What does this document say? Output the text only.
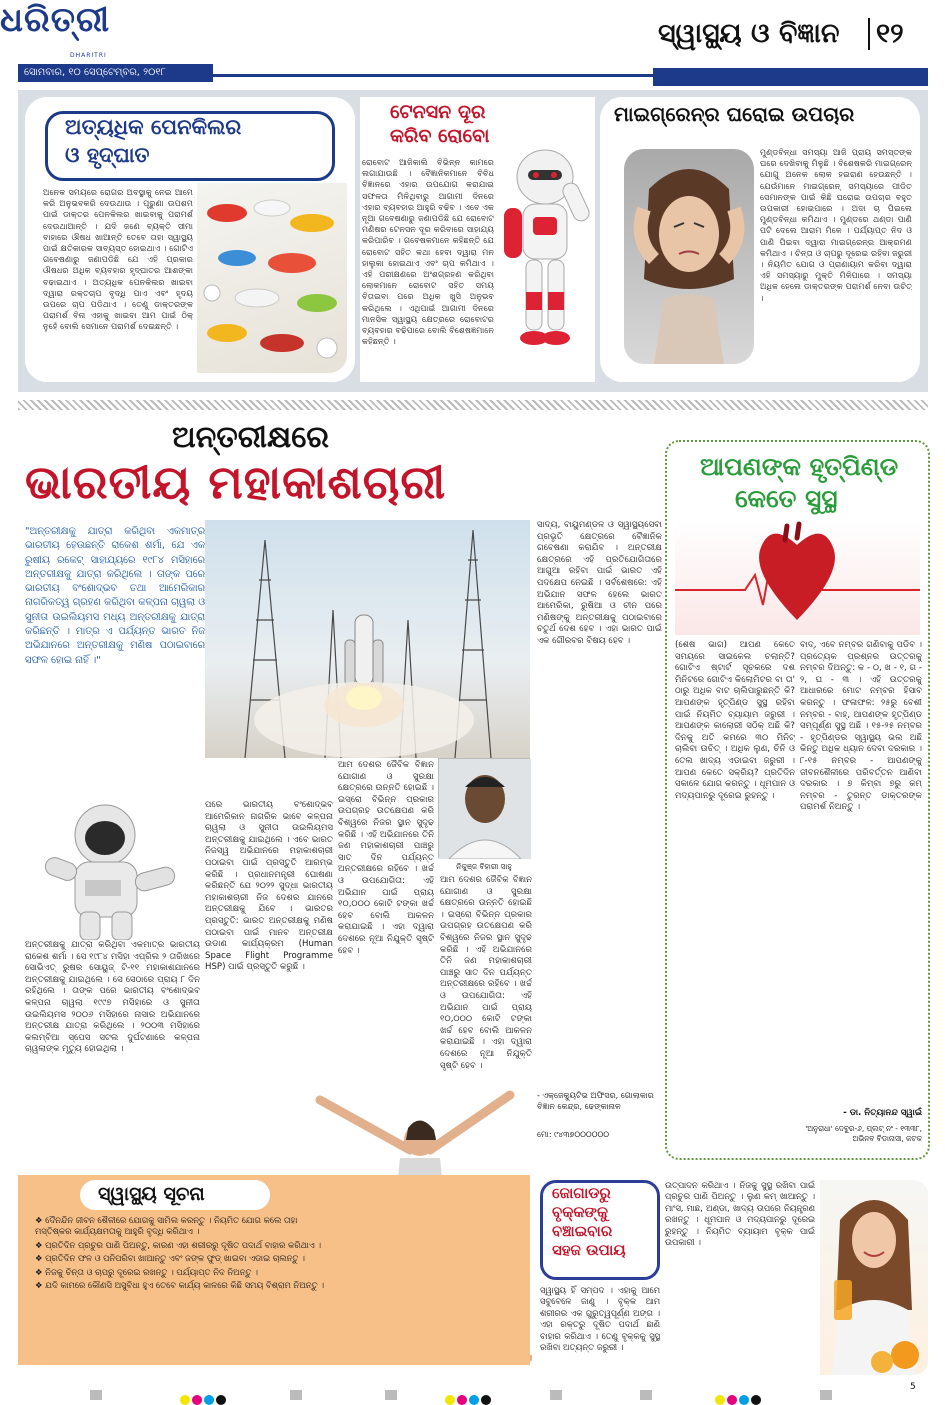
ଧରିତ୍ରୀ
DHARITRI
ସୋମବାର, ୧୦ ସେପ୍ଟେମ୍ବର, ୨୦୧୮
ସ୍ୱାସ୍ଥ୍ୟ ଓ ବିଜ୍ଞାନ ୧୨
ଅତ୍ୟଧିକ ପେନକିଲର
ଓ ହୃଦ୍‌ଘାତ
ଅନେକ ସମୟରେ ରୋଗର ଅବସ୍ଥାକୁ ନେଇ ଆମେ କରି ଅନୁଭବକରି ଦେଉଥାଉ । ପୂରୁଣା ଉପଶମ ପାଇଁ ଡାକ୍ତର ପେନକିଲର ଖାଇବାକୁ ପରାମର୍ଶ ଦେଉଥାଆନ୍ତି । ଯଦି ଜଣେ ବ୍ୟକ୍ତି ସୀମା ବାହାରେ ଔଷଧ ଖାଆନ୍ତି ତେବେ ତାହା ସ୍ୱାସ୍ଥ୍ୟ ପାଇଁ କ୍ଷତିକାରକ ସାବ୍ୟସ୍ତ ହୋଇଥାଏ । ଗୋଟିଏ ଗବେଷଣାରୁ ଜଣାପଡିଛି ଯେ ଏହି ପ୍ରକାର ଔଷଧର ଅଧିକ ବ୍ୟବହାର ହୃଦ୍‌ଘାତର ଆଶଙ୍କା ବଢାଇଥାଏ । ଅତ୍ୟଧିକ ପେନକିଲର ଖାଇବା ଦ୍ୱାରା ରକ୍ତଚାପ ବୃଦ୍ଧି ପାଏ ଏବଂ ହୃଦୟ ଉପରେ ଚାପ ପଡିଥାଏ । ତେଣୁ ଡାକ୍ତରଙ୍କ ପରାମର୍ଶ ବିନା ଏହାକୁ ଖାଇବା ଆମ ପାଇଁ ଠିକ୍ ନୁହେଁ ବୋଲି ସେମାନେ ପରାମର୍ଶ ଦେଇଛନ୍ତି ।
ଟେନସନ ଦୂର
କରିବ ରୋବୋ
ରୋବୋଟ ଆଜିକାଲି ବିଭିନ୍ନ କାମରେ ଲଗାଯାଉଛି । ବୈଜ୍ଞାନିକମାନେ ବିବିଧ ବିଜ୍ଞାନରେ ଏହାର ଉପଯୋଗ କରାଯାଇ ସଫଳତା ମିଳିଥିବାରୁ ଆଗାମୀ ଦିନରେ ଏହାର ବ୍ୟବହାର ଆହୁରି ବଢିବ । ଏବେ ଏକ ନୂଆ ଗବେଷଣାରୁ ଜଣାପଡିଛି ଯେ ରୋବୋଟ ମଣିଷର ଟେନସନ ଦୂର କରିବାରେ ସାହାଯ୍ୟ କରିପାରିବ । ଗବେଷକମାନେ କହିଛନ୍ତି ଯେ ରୋବୋଟ ସହିତ କଥା ହେବା ଦ୍ୱାରା ମନ ହାଲୁକା ହୋଇଥାଏ ଏବଂ ଚାପ କମିଥାଏ । ଏହି ପରୀକ୍ଷଣରେ ଅଂଶଗ୍ରହଣ କରିଥିବା ଲୋକମାନେ ରୋବୋଟ ସହିତ ସମୟ ବିତାଇବା ପରେ ଅଧିକ ଖୁସି ଅନୁଭବ କରିଥିଲେ । ଏଥିପାଇଁ ଆଗାମୀ ଦିନରେ ମାନସିକ ସ୍ୱାସ୍ଥ୍ୟ କ୍ଷେତ୍ରରେ ରୋବୋଟର ବ୍ୟବହାର ବଢିପାରେ ବୋଲି ବିଶେଷଜ୍ଞମାନେ କହିଛନ୍ତି ।
ମାଇଗ୍ରେନ୍‌ର ଘରୋଇ ଉପଚାର
ମୁଣ୍ଡବିନ୍ଧା ସମସ୍ୟା ଆଜି ପ୍ରାୟ ସମସ୍ତଙ୍କ ଘରେ ଦେଖିବାକୁ ମିଳୁଛି । ବିଶେଷକରି ମାଇଗ୍ରେନ୍ ଯୋଗୁ ଅନେକ ଲୋକ ହଇରାଣ ହେଉଛନ୍ତି । ଯେଉଁମାନେ ମାଇଗ୍ରେନ୍ ସମସ୍ୟାରେ ପୀଡିତ ସେମାନଙ୍କ ପାଇଁ କିଛି ଘରୋଇ ଉପଚାର ବହୁତ ଉପକାରୀ ହୋଇପାରେ । ଅଦା ଚା ପିଇଲେ ମୁଣ୍ଡବିନ୍ଧା କମିଥାଏ । ମୁଣ୍ଡରେ ଥଣ୍ଡା ପାଣି ପଟି ଦେଲେ ଆରାମ ମିଳେ । ପର୍ଯ୍ୟାପ୍ତ ନିଦ ଓ ପାଣି ପିଇବା ଦ୍ୱାରା ମାଇଗ୍ରେନ୍‌ର ଆକ୍ରମଣ କମିଥାଏ । ଚିନ୍ତା ଓ ଚାପରୁ ଦୂରେଇ ରହିବା ଜରୁରୀ । ନିୟମିତ ଯୋଗ ଓ ପ୍ରାଣାୟାମ କରିବା ଦ୍ୱାରା ଏହି ସମସ୍ୟାରୁ ମୁକ୍ତି ମିଳିପାରେ । ସମସ୍ୟା ଅଧିକ ହେଲେ ଡାକ୍ତରଙ୍କ ପରାମର୍ଶ ନେବା ଉଚିତ୍ ।
ଅନ୍ତରୀକ୍ଷରେ
ଭାରତୀୟ ମହାକାଶଚାରୀ
"ଅନ୍ତରୀକ୍ଷକୁ ଯାତ୍ରା କରିଥିବା ଏକମାତ୍ର ଭାରତୀୟ ହେଉଛନ୍ତି ରାକେଶ ଶର୍ମା, ଯେ ଏକ ରୁଷୀୟ ରକେଟ୍ ସାହାଯ୍ୟରେ ୧୯୮୪ ମସିହାରେ ଅନ୍ତରୀକ୍ଷକୁ ଯାତ୍ରା କରିଥିଲେ । ତାଙ୍କ ପରେ ଭାରତୀୟ ବଂଶୋଦ୍ଭବ ତଥା ଆମେରିକାର ନାଗରିକତ୍ୱ ଗ୍ରହଣ କରିଥିବା କଳ୍ପନା ଚାୱଲା ଓ ସୁନୀତା ଉଇଲିୟମସ ମଧ୍ୟ ଅନ୍ତରୀକ୍ଷକୁ ଯାତ୍ରା କରିଛନ୍ତି । ମାତ୍ର ଏ ପର୍ଯ୍ୟନ୍ତ ଭାରତ ନିଜ ଅଭିଯାନରେ ଅନ୍ତରୀକ୍ଷକୁ ମଣିଷ ପଠାଇବାରେ ସଫଳ ହୋଇ ନାହିଁ ।"
ନିକୁଞ୍ଜ ବିହାରୀ ସାହୁ
ପରେ ଭାରତୀୟ ବଂଶୋଦ୍ଭବ ଆମେରିକାନ ନାଗରିକ ଭାବେ କଳ୍ପନା ଚାୱଲା ଓ ସୁନୀତା ଉଇଲିୟମସ ଅନ୍ତରୀକ୍ଷକୁ ଯାଇଥିଲେ । ଏବେ ଭାରତ ନିଜସ୍ୱ ଅଭିଯାନରେ ମହାକାଶଚାରୀ ପଠାଇବା ପାଇଁ ପ୍ରସ୍ତୁତି ଆରମ୍ଭ କରିଛି । ପ୍ରଧାନମନ୍ତ୍ରୀ ଘୋଷଣା କରିଛନ୍ତି ଯେ ୨୦୨୨ ସୁଦ୍ଧା ଭାରତୀୟ ମହାକାଶଚାରୀ ନିଜ ଦେଶର ଯାନରେ ଅନ୍ତରୀକ୍ଷକୁ ଯିବେ । ଭାରତର ପ୍ରସ୍ତୁତି: ଭାରତ ଅନ୍ତରୀକ୍ଷକୁ ମଣିଷ ପଠାଇବା ପାଇଁ ମାନବ ଅନ୍ତରୀକ୍ଷ ଉଡାଣ କାର୍ଯ୍ୟକ୍ରମ (Human Space Flight Programme HSP) ପାଇଁ ପ୍ରସ୍ତୁତି କରୁଛି ।
ଅନ୍ତରୀକ୍ଷକୁ ଯାତ୍ରା କରିଥିବା ଏକମାତ୍ର ଭାରତୀୟ ରାକେଶ ଶର୍ମା । ସେ ୧୯୮୪ ମସିହା ଏପ୍ରିଲ ୨ ତାରିଖରେ ସୋଭିଏତ୍ ରୁଷର ସୋୟୁଜ୍ ଟି-୧୧ ମହାକାଶଯାନରେ ଅନ୍ତରୀକ୍ଷକୁ ଯାଇଥିଲେ । ସେ ସେଠାରେ ପ୍ରାୟ ୮ ଦିନ ରହିଥିଲେ । ତାଙ୍କ ପରେ ଭାରତୀୟ ବଂଶୋଦ୍ଭବ କଳ୍ପନା ଚାୱଲା ୧୯୯୭ ମସିହାରେ ଓ ସୁନୀତା ଉଇଲିୟମସ ୨୦୦୬ ମସିହାରେ ନାସାର ଅଭିଯାନରେ ଅନ୍ତରୀକ୍ଷ ଯାତ୍ରା କରିଥିଲେ । ୨୦୦୩ ମସିହାରେ କଲମ୍ବିଆ ସ୍ପେସ ସଟଲ ଦୁର୍ଘଟଣାରେ କଳ୍ପନା ଚାୱଲାଙ୍କ ମୃତ୍ୟୁ ହୋଇଥିଲା ।
ଆମ ଦେଶର ଜୈବିକ ବିଜ୍ଞାନ ଯୋଗାଣ ଓ ସୁରକ୍ଷା କ୍ଷେତ୍ରରେ ଉନ୍ନତି ହୋଇଛି । ଇସ୍ରୋ ବିଭିନ୍ନ ପ୍ରକାର ଉପଗ୍ରହ ଉତକ୍ଷେପଣ କରି ବିଶ୍ୱରେ ନିଜର ସ୍ଥାନ ସୁଦୃଢ କରିଛି । ଏହି ଅଭିଯାନରେ ତିନି ଜଣ ମହାକାଶଚାରୀ ପାଞ୍ଚରୁ ସାତ ଦିନ ପର୍ଯ୍ୟନ୍ତ ଅନ୍ତରୀକ୍ଷରେ ରହିବେ । ଖର୍ଚ୍ଚ ଓ ଉପଯୋଗିତା: ଏହି ଅଭିଯାନ ପାଇଁ ପ୍ରାୟ ୧୦,୦୦୦ କୋଟି ଟଙ୍କା ଖର୍ଚ୍ଚ ହେବ ବୋଲି ଆକଳନ କରାଯାଇଛି । ଏହା ଦ୍ୱାରା ଦେଶରେ ନୂଆ ନିଯୁକ୍ତି ସୃଷ୍ଟି ହେବ ।
ଆମ ଦେଶର ଜୈବିକ ବିଜ୍ଞାନ ଯୋଗାଣ ଓ ସୁରକ୍ଷା କ୍ଷେତ୍ରରେ ଉନ୍ନତି ହୋଇଛି । ଇସ୍ରୋ ବିଭିନ୍ନ ପ୍ରକାର ଉପଗ୍ରହ ଉତକ୍ଷେପଣ କରି ବିଶ୍ୱରେ ନିଜର ସ୍ଥାନ ସୁଦୃଢ କରିଛି । ଏହି ଅଭିଯାନରେ ତିନି ଜଣ ମହାକାଶଚାରୀ ପାଞ୍ଚରୁ ସାତ ଦିନ ପର୍ଯ୍ୟନ୍ତ ଅନ୍ତରୀକ୍ଷରେ ରହିବେ । ଖର୍ଚ୍ଚ ଓ ଉପଯୋଗିତା: ଏହି ଅଭିଯାନ ପାଇଁ ପ୍ରାୟ ୧୦,୦୦୦ କୋଟି ଟଙ୍କା ଖର୍ଚ୍ଚ ହେବ ବୋଲି ଆକଳନ କରାଯାଇଛି । ଏହା ଦ୍ୱାରା ଦେଶରେ ନୂଆ ନିଯୁକ୍ତି ସୃଷ୍ଟି ହେବ ।
ସାଦ୍ୟ, ବାୟୁମଣ୍ଡଳ ଓ ସ୍ୱାସ୍ଥ୍ୟସେବା ପ୍ରଭୃତି କ୍ଷେତ୍ରରେ ବୈଜ୍ଞାନିକ ଗବେଷଣା କରାଯିବ । ଅନ୍ତରୀକ୍ଷ କ୍ଷେତ୍ରରେ ଏହି ପ୍ରତିଯୋଗିତାରେ ଆଗୁଆ ରହିବା ପାଇଁ ଭାରତ ଏହି ପଦକ୍ଷେପ ନେଇଛି । ସର୍ବଶେଷରେ: ଏହି ଅଭିଯାନ ସଫଳ ହେଲେ ଭାରତ ଆମେରିକା, ରୁଷିଆ ଓ ଚୀନ ପରେ ମଣିଷଙ୍କୁ ଅନ୍ତରୀକ୍ଷକୁ ପଠାଇବାରେ ଚତୁର୍ଥ ଦେଶ ହେବ । ଏହା ଭାରତ ପାଇଁ ଏକ ଗୌରବର ବିଷୟ ହେବ ।
- ଏକ୍‌ଜେକ୍ୟୁଟିଭ ଅଫିସର, ଗୋଲାକାର ବିଜ୍ଞାନ କେନ୍ଦ୍ର, ଢେଙ୍କାନାଳ
ମୋ: ୯୪୩୭୦୦୦୦୦୦
ଆପଣଙ୍କ ହୃତ୍‌ପିଣ୍ଡ
କେତେ ସୁସ୍ଥ
(ଶେଷ ଭାଗ) ଆପଣ କେତେ ସମୟରେ ସାଇକେଲ ଚଲାନ୍ତି? ଗୋଟିଏ ଷ୍ଟାର୍ଟ ସୂଚକରେ ଦଶ ମିନିଟରେ ଗୋଟିଏ କିଲୋମିଟର ବା ତା' ଠାରୁ ଅଧିକ ବାଟ ଚାଲିପାରୁଛନ୍ତି କି? ଆପଣଙ୍କ ହୃତ୍‌ପିଣ୍ଡ ସୁସ୍ଥ ରହିବା ପାଇଁ ନିୟମିତ ବ୍ୟାୟାମ ଜରୁରୀ । ଆପଣଙ୍କ କାଲୋରୀ ସଠିକ୍ ଅଛି କି? ଦିନକୁ ଅତି କମରେ ୩୦ ମିନିଟ୍ ଚାଲିବା ଉଚିତ୍ । ଅଧିକ ଲୁଣ, ଚିନି ଓ ତେଲ ଖାଦ୍ୟ ଏଡାଇବା ଜରୁରୀ । ଆପଣ କେତେ ସକ୍ରିୟ? ପ୍ରତିଦିନ ସକାଳେ ଯୋଗ କରନ୍ତୁ । ଧୂମପାନ ଓ ମଦ୍ୟପାନରୁ ଦୂରେଇ ରୁହନ୍ତୁ ।
ବାଦ୍, ଏବେ ନମ୍ବର ଗଣିବାକୁ ପଡିବ । ପ୍ରତ୍ୟେକ ପ୍ରଶ୍ନର ଉତ୍ତରକୁ ନମ୍ବର ଦିଅନ୍ତୁ: କ - ୦, ଖ - ୧, ଗ - ୨, ଘ - ୩ । ଏହି ଉତ୍ତରକୁ ଆଧାରରେ ମୋଟ ନମ୍ବର ହିସାବ କରନ୍ତୁ । ଫଳାଫଳ: ୨୫ରୁ ବେଶୀ ନମ୍ବର - ବାହ୍, ଆପଣଙ୍କ ହୃତ୍‌ପିଣ୍ଡ ସମ୍ପୂର୍ଣ୍ଣ ସୁସ୍ଥ ଅଛି । ୧୫-୨୫ ନମ୍ବର - ହୃତ୍‌ପିଣ୍ଡର ସ୍ୱାସ୍ଥ୍ୟ ଭଲ ଅଛି କିନ୍ତୁ ଅଧିକ ଧ୍ୟାନ ଦେବା ଦରକାର । ୮-୧୫ ନମ୍ବର - ଆପଣଙ୍କୁ ଜୀବନଶୈଳୀରେ ପରିବର୍ତ୍ତନ ଆଣିବା ଦରକାର । ୭ କିମ୍ବା ୭ରୁ କମ୍ ନମ୍ବର - ତୁରନ୍ତ ଡାକ୍ତରଙ୍କ ପରାମର୍ଶ ନିଅନ୍ତୁ ।
- ଡା. ନିତ୍ୟାନନ୍ଦ ସ୍ୱାଇଁ
'ଅନୁରାଧା' ଦେବୁର-୬, ପ୍ଲଟ୍ ନଂ - ୧୩୩୮, ଅଭିନବ ବିଡାନାସୀ, କଟକ
ସ୍ୱାସ୍ଥ୍ୟ ସୂଚନା
❖ ଦୈନନ୍ଦିନ ଜୀବନ ଶୈଳୀରେ ଯୋଗକୁ ସାମିଲ କରନ୍ତୁ । ନିୟମିତ ଯୋଗ କଲେ ତାହା ମସ୍ତିଷ୍କର କାର୍ଯ୍ୟକ୍ଷମତାକୁ ଆହୁରି ବୃଦ୍ଧି କରିଥାଏ ।
❖ ପ୍ରତିଦିନ ପ୍ରଚୁର ପାଣି ପିଅନ୍ତୁ, କାରଣ ଏହା ଶରୀରରୁ ଦୂଷିତ ପଦାର୍ଥ ବାହାର କରିଥାଏ ।
❖ ପ୍ରତିଦିନ ଫଳ ଓ ପନିପରିବା ଖାଆନ୍ତୁ ଏବଂ ଜଙ୍କ ଫୁଡ୍ ଖାଇବା ଏଡାଇ ଚାଲନ୍ତୁ ।
❖ ନିଜକୁ ଚିନ୍ତା ଓ ଚାପରୁ ଦୂରେଇ ରଖନ୍ତୁ । ପର୍ଯ୍ୟାପ୍ତ ନିଦ ନିଅନ୍ତୁ ।
❖ ଯଦି କାମରେ କୌଣସି ଅସୁବିଧା ହୁଏ ତେବେ କାର୍ଯ୍ୟ କାଳରେ କିଛି ସମୟ ବିଶ୍ରାମ ନିଅନ୍ତୁ ।
ଜୋଗାଡରୁ
ବୃକ୍‌କଙ୍କୁ
ବଞ୍ଚାଇବାର
ସହଜ ଉପାୟ
ସ୍ୱାସ୍ଥ୍ୟ ହିଁ ସମ୍ପଦ । ଏହାକୁ ଆମେ ସବୁବେଳେ ଜାଣୁ । ବୃକ୍‌କ ଆମ ଶରୀରର ଏକ ଗୁରୁତ୍ୱପୂର୍ଣ୍ଣ ଅଙ୍ଗ । ଏହା ରକ୍ତରୁ ଦୂଷିତ ପଦାର୍ଥ ଛାଣି ବାହାର କରିଥାଏ । ତେଣୁ ବୃକ୍‌କକୁ ସୁସ୍ଥ ରଖିବା ଅତ୍ୟନ୍ତ ଜରୁରୀ ।
ଉତ୍ପାଦନ କରିଥାଏ । ନିଜକୁ ସୁସ୍ଥ ରଖିବା ପାଇଁ ପ୍ରଚୁର ପାଣି ପିଅନ୍ତୁ । ଲୁଣ କମ୍ ଖାଆନ୍ତୁ । ମାଂସ, ମାଛ, ଅଣ୍ଡା, ଖାଦ୍ୟ ଉପରେ ନିୟନ୍ତ୍ରଣ ରଖନ୍ତୁ । ଧୂମପାନ ଓ ମଦ୍ୟପାନରୁ ଦୂରେଇ ରୁହନ୍ତୁ । ନିୟମିତ ବ୍ୟାୟାମ ବୃକ୍‌କ ପାଇଁ ଉପକାରୀ ।
5
